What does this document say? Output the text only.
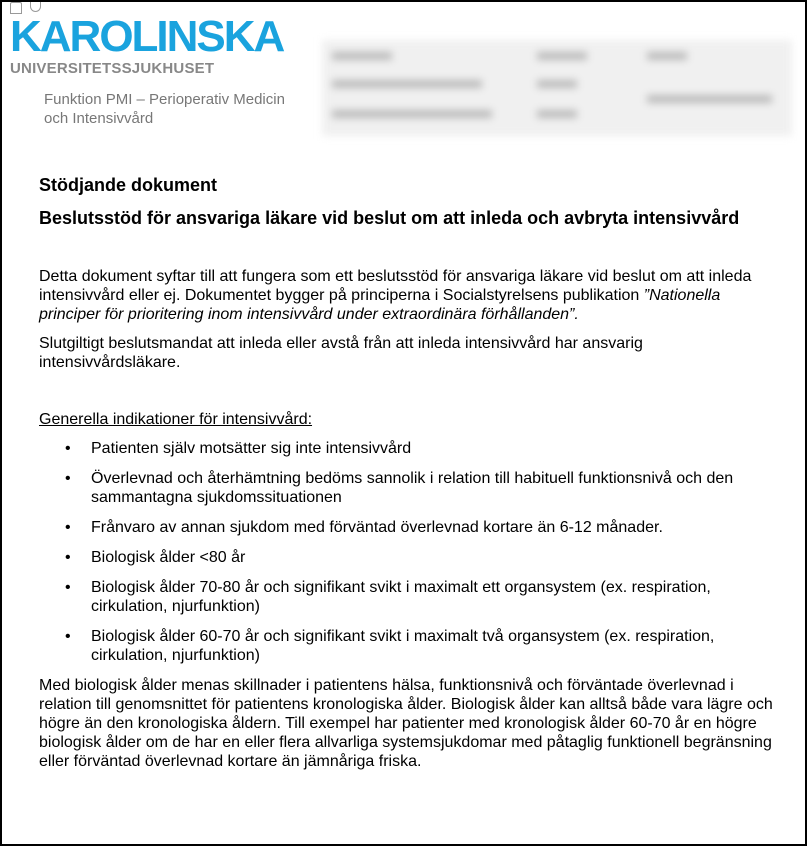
KAROLINSKA
UNIVERSITETSSJUKHUSET
Funktion PMI – Perioperativ Medicin
och Intensivvård
Stödjande dokument
Beslutsstöd för ansvariga läkare vid beslut om att inleda och avbryta intensivvård

Detta dokument syftar till att fungera som ett beslutsstöd för ansvariga läkare vid beslut om att inleda intensivvård eller ej. Dokumentet bygger på principerna i Socialstyrelsens publikation ”Nationella principer för prioritering inom intensivvård under extraordinära förhållanden”.

Slutgiltigt beslutsmandat att inleda eller avstå från att inleda intensivvård har ansvarig intensivvårdsläkare.

Generella indikationer för intensivvård:
• Patienten själv motsätter sig inte intensivvård
• Överlevnad och återhämtning bedöms sannolik i relation till habituell funktionsnivå och den sammantagna sjukdomssituationen
• Frånvaro av annan sjukdom med förväntad överlevnad kortare än 6-12 månader.
• Biologisk ålder <80 år
• Biologisk ålder 70-80 år och signifikant svikt i maximalt ett organsystem (ex. respiration, cirkulation, njurfunktion)
• Biologisk ålder 60-70 år och signifikant svikt i maximalt två organsystem (ex. respiration, cirkulation, njurfunktion)

Med biologisk ålder menas skillnader i patientens hälsa, funktionsnivå och förväntade överlevnad i relation till genomsnittet för patientens kronologiska ålder. Biologisk ålder kan alltså både vara lägre och högre än den kronologiska åldern. Till exempel har patienter med kronologisk ålder 60-70 år en högre biologisk ålder om de har en eller flera allvarliga systemsjukdomar med påtaglig funktionell begränsning eller förväntad överlevnad kortare än jämnåriga friska.
